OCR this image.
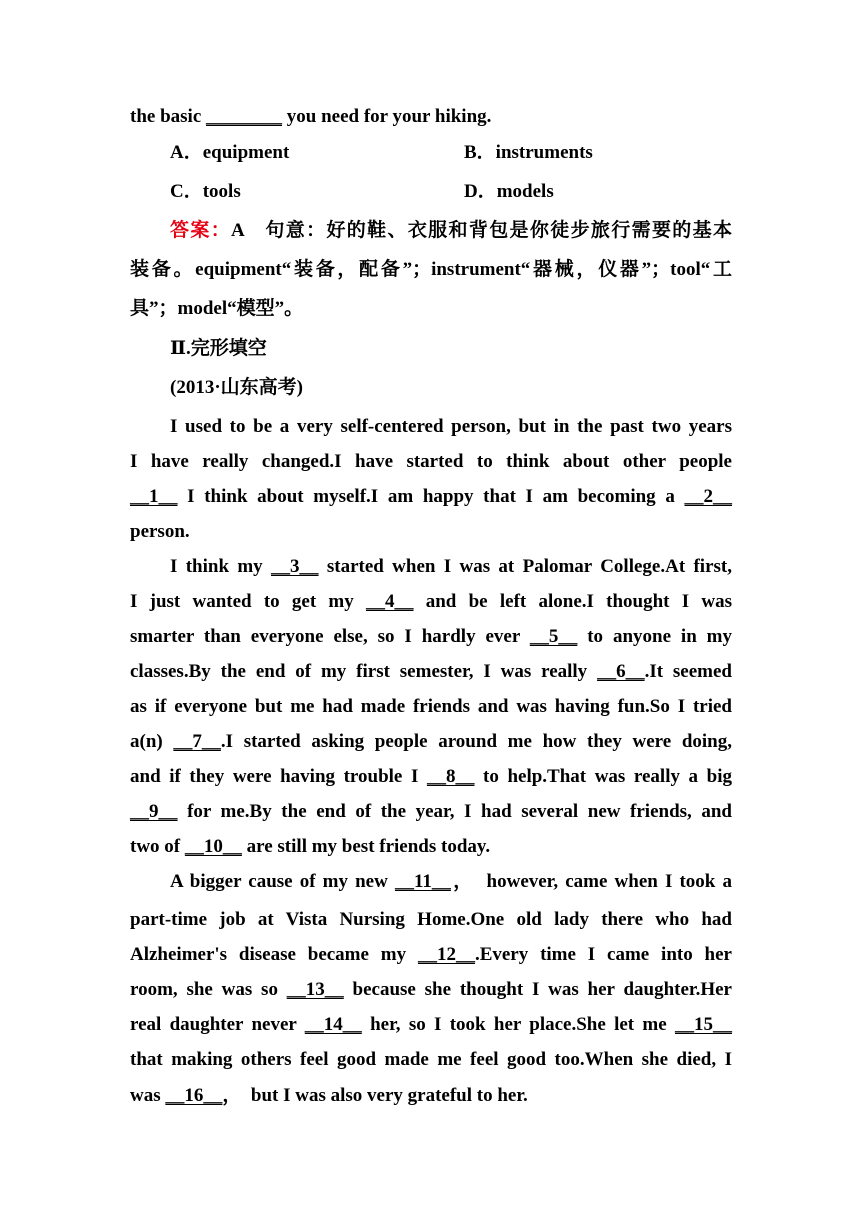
the basic ________ you need for your hiking.
A．equipment	B．instruments
C．tools	D．models
答案：A　句意：好的鞋、衣服和背包是你徒步旅行需要的基本
装备。equipment“装备，配备”；instrument“器械，仪器”；tool“工
具”；model“模型”。
Ⅱ.完形填空
(2013·山东高考)
I used to be a very self-centered person, but in the past two years
I have really changed.I have started to think about other people
__1__ I think about myself.I am happy that I am becoming a __2__
person.
I think my __3__ started when I was at Palomar College.At first,
I just wanted to get my __4__ and be left alone.I thought I was
smarter than everyone else, so I hardly ever __5__ to anyone in my
classes.By the end of my first semester, I was really __6__.It seemed
as if everyone but me had made friends and was having fun.So I tried
a(n) __7__.I started asking people around me how they were doing,
and if they were having trouble I __8__ to help.That was really a big
__9__ for me.By the end of the year, I had several new friends, and
two of __10__ are still my best friends today.
A bigger cause of my new __11__，　however, came when I took a
part-time job at Vista Nursing Home.One old lady there who had
Alzheimer's disease became my __12__.Every time I came into her
room, she was so __13__ because she thought I was her daughter.Her
real daughter never __14__ her, so I took her place.She let me __15__
that making others feel good made me feel good too.When she died, I
was __16__，　but I was also very grateful to her.
